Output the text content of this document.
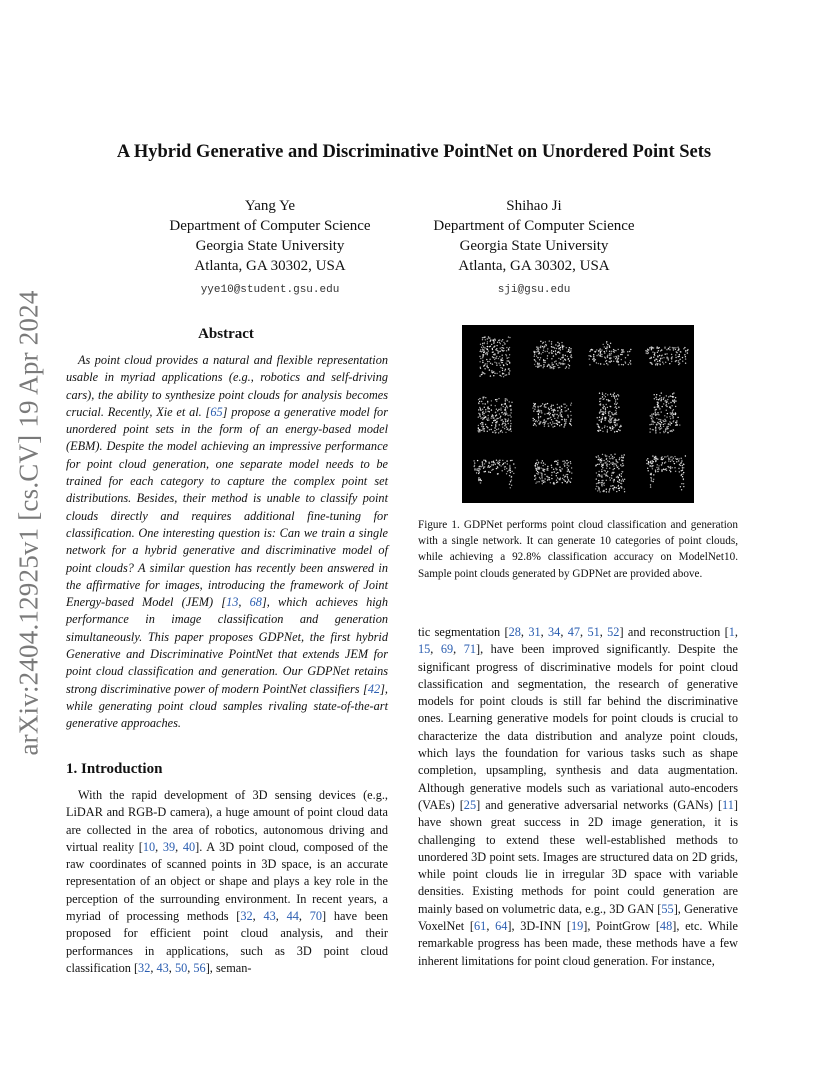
arXiv:2404.12925v1 [cs.CV] 19 Apr 2024
A Hybrid Generative and Discriminative PointNet on Unordered Point Sets
Yang Ye
Department of Computer Science
Georgia State University
Atlanta, GA 30302, USA
yye10@student.gsu.edu
Shihao Ji
Department of Computer Science
Georgia State University
Atlanta, GA 30302, USA
sji@gsu.edu
Abstract

As point cloud provides a natural and flexible representation usable in myriad applications (e.g., robotics and self-driving cars), the ability to synthesize point clouds for analysis becomes crucial. Recently, Xie et al. [65] propose a generative model for unordered point sets in the form of an energy-based model (EBM). Despite the model achieving an impressive performance for point cloud generation, one separate model needs to be trained for each category to capture the complex point set distributions. Besides, their method is unable to classify point clouds directly and requires additional fine-tuning for classification. One interesting question is: Can we train a single network for a hybrid generative and discriminative model of point clouds? A similar question has recently been answered in the affirmative for images, introducing the framework of Joint Energy-based Model (JEM) [13, 68], which achieves high performance in image classification and generation simultaneously. This paper proposes GDPNet, the first hybrid Generative and Discriminative PointNet that extends JEM for point cloud classification and generation. Our GDPNet retains strong discriminative power of modern PointNet classifiers [42], while generating point cloud samples rivaling state-of-the-art generative approaches.

Figure 1. GDPNet performs point cloud classification and generation with a single network. It can generate 10 categories of point clouds, while achieving a 92.8% classification accuracy on ModelNet10. Sample point clouds generated by GDPNet are provided above.

1. Introduction

With the rapid development of 3D sensing devices (e.g., LiDAR and RGB-D camera), a huge amount of point cloud data are collected in the area of robotics, autonomous driving and virtual reality [10, 39, 40]. A 3D point cloud, composed of the raw coordinates of scanned points in 3D space, is an accurate representation of an object or shape and plays a key role in the perception of the surrounding environment. In recent years, a myriad of processing methods [32, 43, 44, 70] have been proposed for efficient point cloud analysis, and their performances in applications, such as 3D point cloud classification [32, 43, 50, 56], seman-

tic segmentation [28, 31, 34, 47, 51, 52] and reconstruction [1, 15, 69, 71], have been improved significantly. Despite the significant progress of discriminative models for point cloud classification and segmentation, the research of generative models for point clouds is still far behind the discriminative ones. Learning generative models for point clouds is crucial to characterize the data distribution and analyze point clouds, which lays the foundation for various tasks such as shape completion, upsampling, synthesis and data augmentation. Although generative models such as variational auto-encoders (VAEs) [25] and generative adversarial networks (GANs) [11] have shown great success in 2D image generation, it is challenging to extend these well-established methods to unordered 3D point sets. Images are structured data on 2D grids, while point clouds lie in irregular 3D space with variable densities. Existing methods for point could generation are mainly based on volumetric data, e.g., 3D GAN [55], Generative VoxelNet [61, 64], 3D-INN [19], PointGrow [48], etc. While remarkable progress has been made, these methods have a few inherent limitations for point cloud generation. For instance,
